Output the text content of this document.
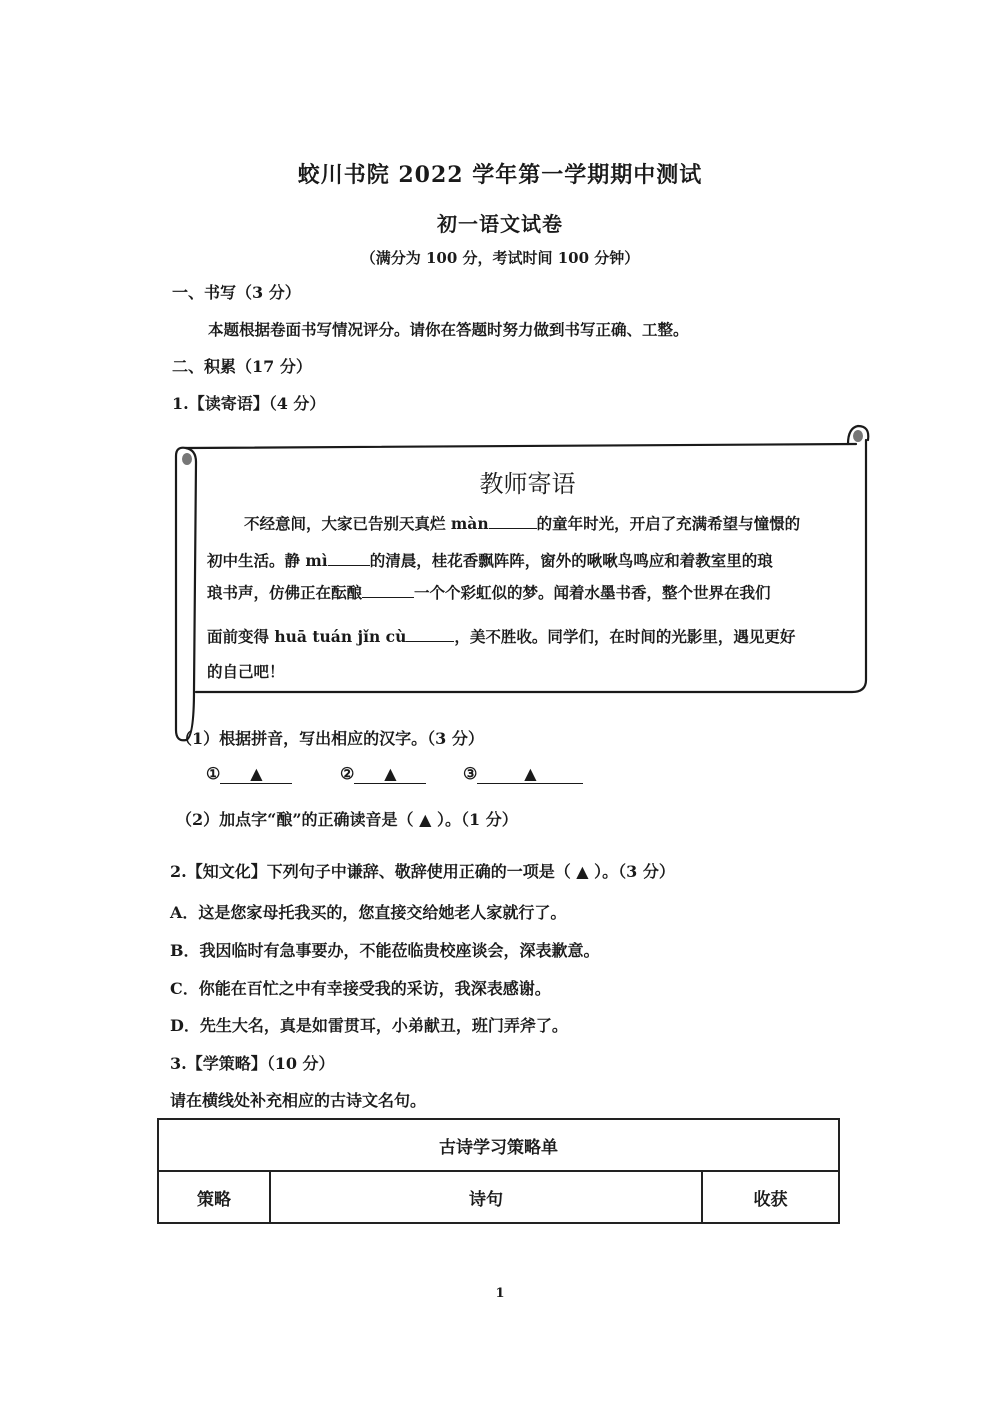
蛟川书院 2022 学年第一学期期中测试
初一语文试卷
（满分为 100 分，考试时间 100 分钟）
一、书写（3 分）
本题根据卷面书写情况评分。请你在答题时努力做到书写正确、工整。
二、积累（17 分）
1.【读寄语】（4 分）
教师寄语
不经意间，大家已告别天真烂 màn	的童年时光，开启了充满希望与憧憬的
初中生活。静 mì	的清晨，桂花香飘阵阵，窗外的啾啾鸟鸣应和着教室里的琅
琅书声，仿佛正在酝酿	一个个彩虹似的梦。闻着水墨书香，整个世界在我们
面前变得 huā tuán jǐn cù	，美不胜收。同学们，在时间的光影里，遇见更好
的自己吧！
（1）根据拼音，写出相应的汉字。（3 分）
① ▲	② ▲	③	▲
（2）加点字“酿”的正确读音是（ ▲ ）。（1 分）
2.【知文化】下列句子中谦辞、敬辞使用正确的一项是（ ▲ ）。（3 分）
A．这是您家母托我买的，您直接交给她老人家就行了。
B．我因临时有急事要办，不能莅临贵校座谈会，深表歉意。
C．你能在百忙之中有幸接受我的采访，我深表感谢。
D．先生大名，真是如雷贯耳，小弟献丑，班门弄斧了。
3.【学策略】（10 分）
请在横线处补充相应的古诗文名句。
古诗学习策略单
策略	诗句	收获
1
